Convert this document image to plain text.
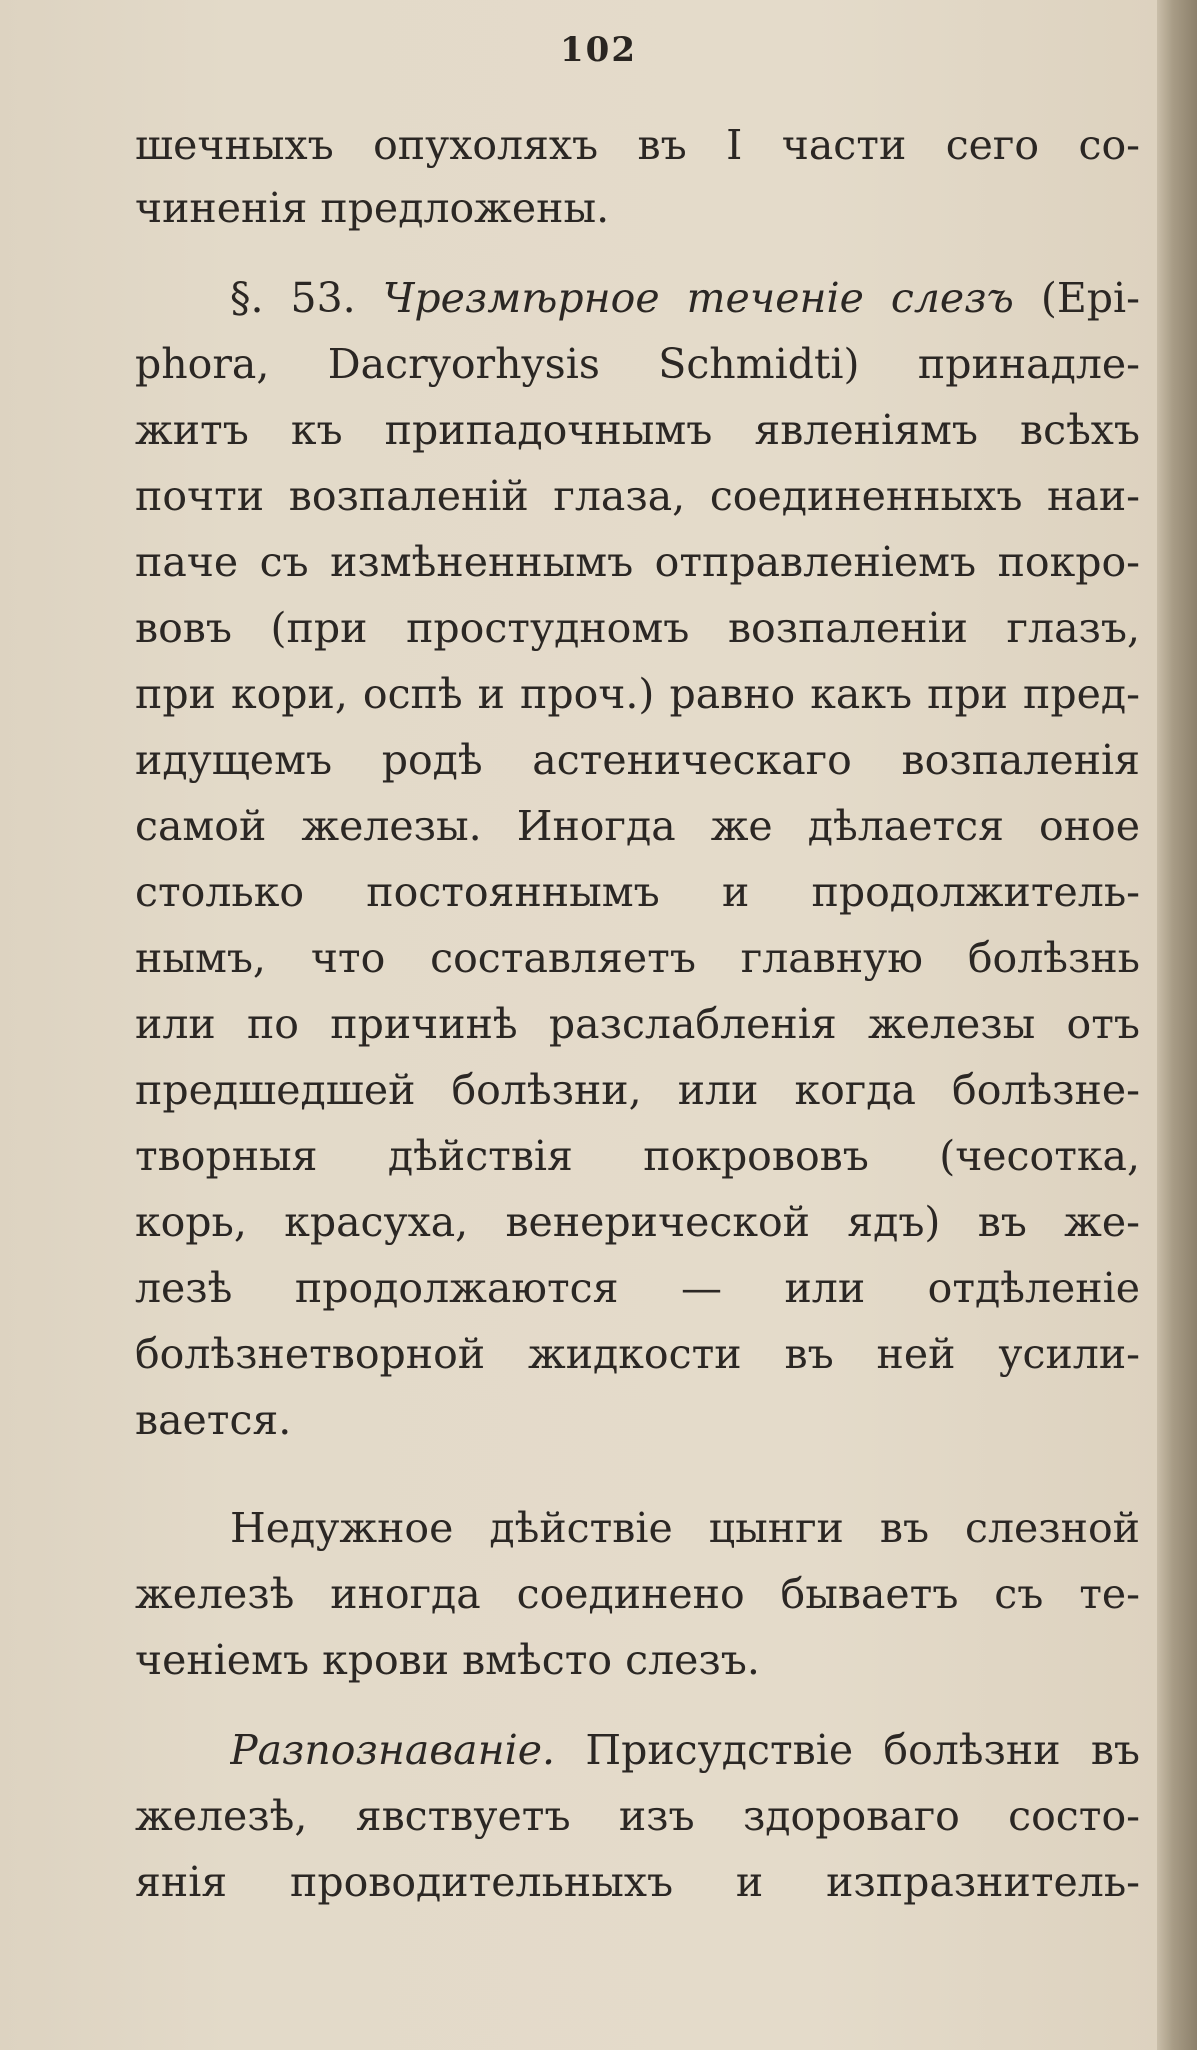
102
шечныхъ опухоляхъ въ I части сего со-
чиненія предложены.
§. 53. Чрезмѣрное теченіе слезъ (Epi-
phora, Dacryorhysis Schmidti) принадле-
житъ къ припадочнымъ явленіямъ всѣхъ
почти возпаленій глаза, соединенныхъ наи-
паче съ измѣненнымъ отправленіемъ покро-
вовъ (при простудномъ возпаленіи глазъ,
при кори, оспѣ и проч.) равно какъ при пред-
идущемъ родѣ астеническаго возпаленія
самой железы. Иногда же дѣлается оное
столько постояннымъ и продолжитель-
нымъ, что составляетъ главную болѣзнь
или по причинѣ разслабленія железы отъ
предшедшей болѣзни, или когда болѣзне-
творныя дѣйствія покрововъ (чесотка,
корь, красуха, венерической ядъ) въ же-
лезѣ продолжаются — или отдѣленіе
болѣзнетворной жидкости въ ней усили-
вается.
Недужное дѣйствіе цынги въ слезной
железѣ иногда соединено бываетъ съ те-
ченіемъ крови вмѣсто слезъ.
Разпознаваніе. Присудствіе болѣзни въ
железѣ, явствуетъ изъ здороваго состо-
янія проводительныхъ и изпразнитель-
